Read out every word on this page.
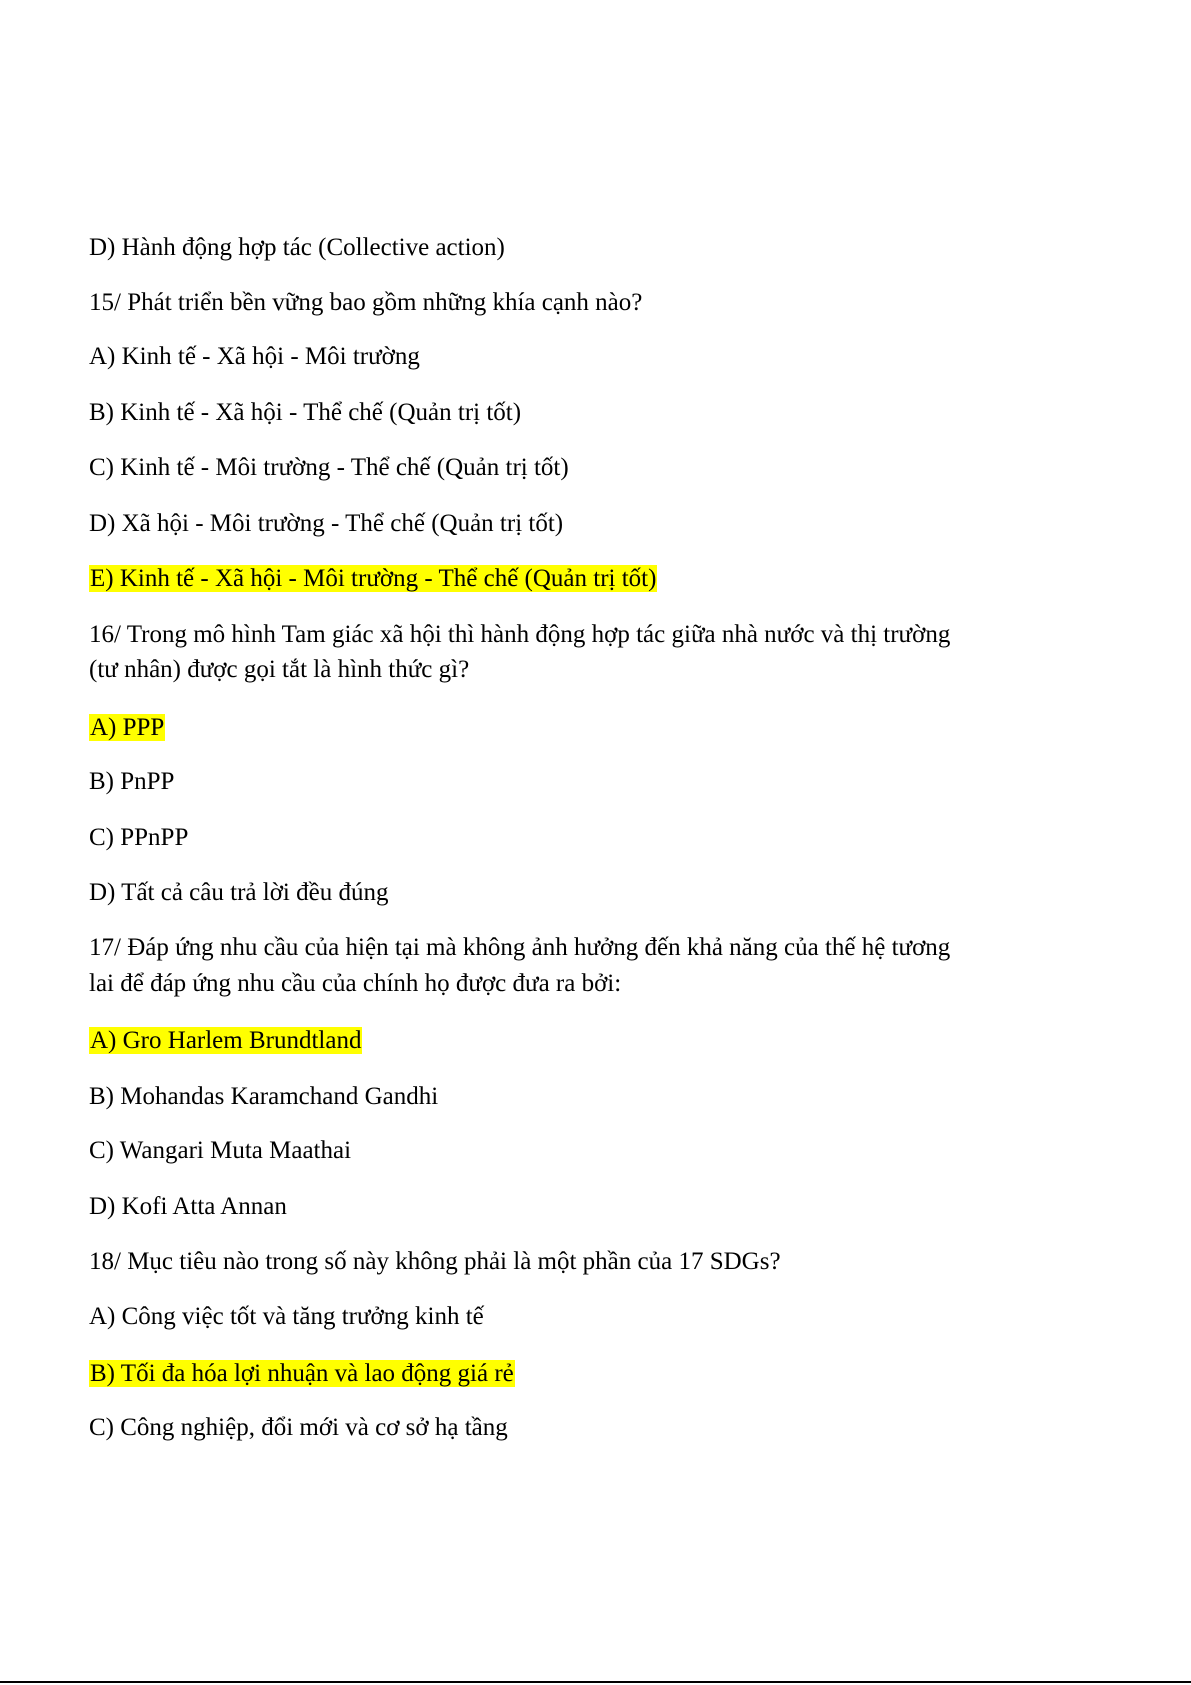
D) Hành động hợp tác (Collective action)

15/ Phát triển bền vững bao gồm những khía cạnh nào?

A) Kinh tế - Xã hội - Môi trường

B) Kinh tế - Xã hội - Thể chế (Quản trị tốt)

C) Kinh tế - Môi trường - Thể chế (Quản trị tốt)

D) Xã hội - Môi trường - Thể chế (Quản trị tốt)

E) Kinh tế - Xã hội - Môi trường - Thể chế (Quản trị tốt)

16/ Trong mô hình Tam giác xã hội thì hành động hợp tác giữa nhà nước và thị trường

(tư nhân) được gọi tắt là hình thức gì?

A) PPP

B) PnPP

C) PPnPP

D) Tất cả câu trả lời đều đúng

17/ Đáp ứng nhu cầu của hiện tại mà không ảnh hưởng đến khả năng của thế hệ tương

lai để đáp ứng nhu cầu của chính họ được đưa ra bởi:

A) Gro Harlem Brundtland

B) Mohandas Karamchand Gandhi

C) Wangari Muta Maathai

D) Kofi Atta Annan

18/ Mục tiêu nào trong số này không phải là một phần của 17 SDGs?

A) Công việc tốt và tăng trưởng kinh tế

B) Tối đa hóa lợi nhuận và lao động giá rẻ

C) Công nghiệp, đổi mới và cơ sở hạ tầng
